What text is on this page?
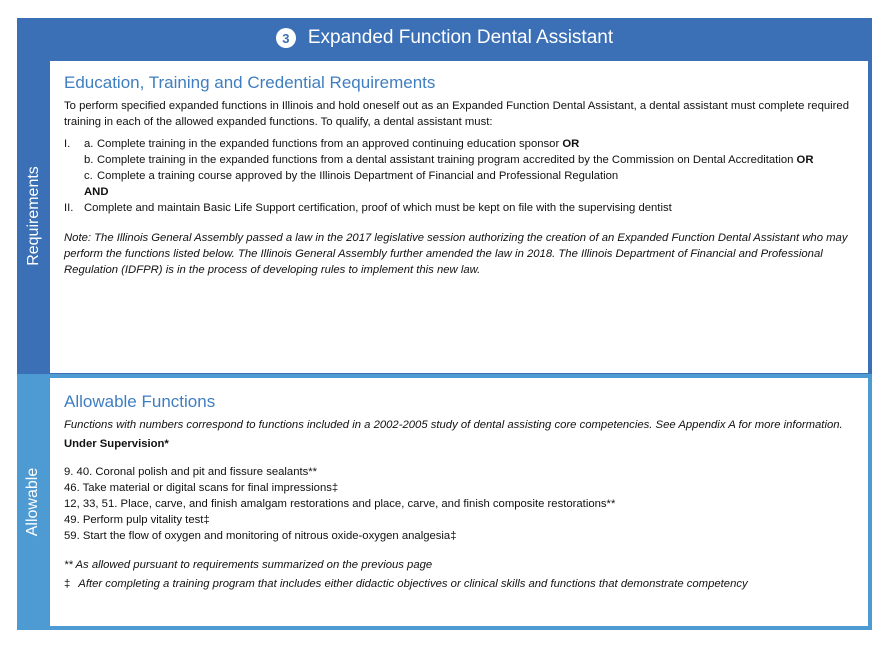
3 Expanded Function Dental Assistant
Requirements
Education, Training and Credential Requirements

To perform specified expanded functions in Illinois and hold oneself out as an Expanded Function Dental Assistant, a dental assistant must complete required training in each of the allowed expanded functions. To qualify, a dental assistant must:

I.	a. Complete training in the expanded functions from an approved continuing education sponsor OR
b. Complete training in the expanded functions from a dental assistant training program accredited by the Commission on Dental Accreditation OR
c. Complete a training course approved by the Illinois Department of Financial and Professional Regulation
AND
II. Complete and maintain Basic Life Support certification, proof of which must be kept on file with the supervising dentist

Note: The Illinois General Assembly passed a law in the 2017 legislative session authorizing the creation of an Expanded Function Dental Assistant who may perform the functions listed below. The Illinois General Assembly further amended the law in 2018. The Illinois Department of Financial and Professional Regulation (IDFPR) is in the process of developing rules to implement this new law.

Allowable
Allowable Functions

Functions with numbers correspond to functions included in a 2002-2005 study of dental assisting core competencies. See Appendix A for more information.

Under Supervision*
9. 40. Coronal polish and pit and fissure sealants**
46. Take material or digital scans for final impressions‡
12, 33, 51. Place, carve, and finish amalgam restorations and place, carve, and finish composite restorations**
49. Perform pulp vitality test‡
59. Start the flow of oxygen and monitoring of nitrous oxide-oxygen analgesia‡
** As allowed pursuant to requirements summarized on the previous page
‡ After completing a training program that includes either didactic objectives or clinical skills and functions that demonstrate competency
